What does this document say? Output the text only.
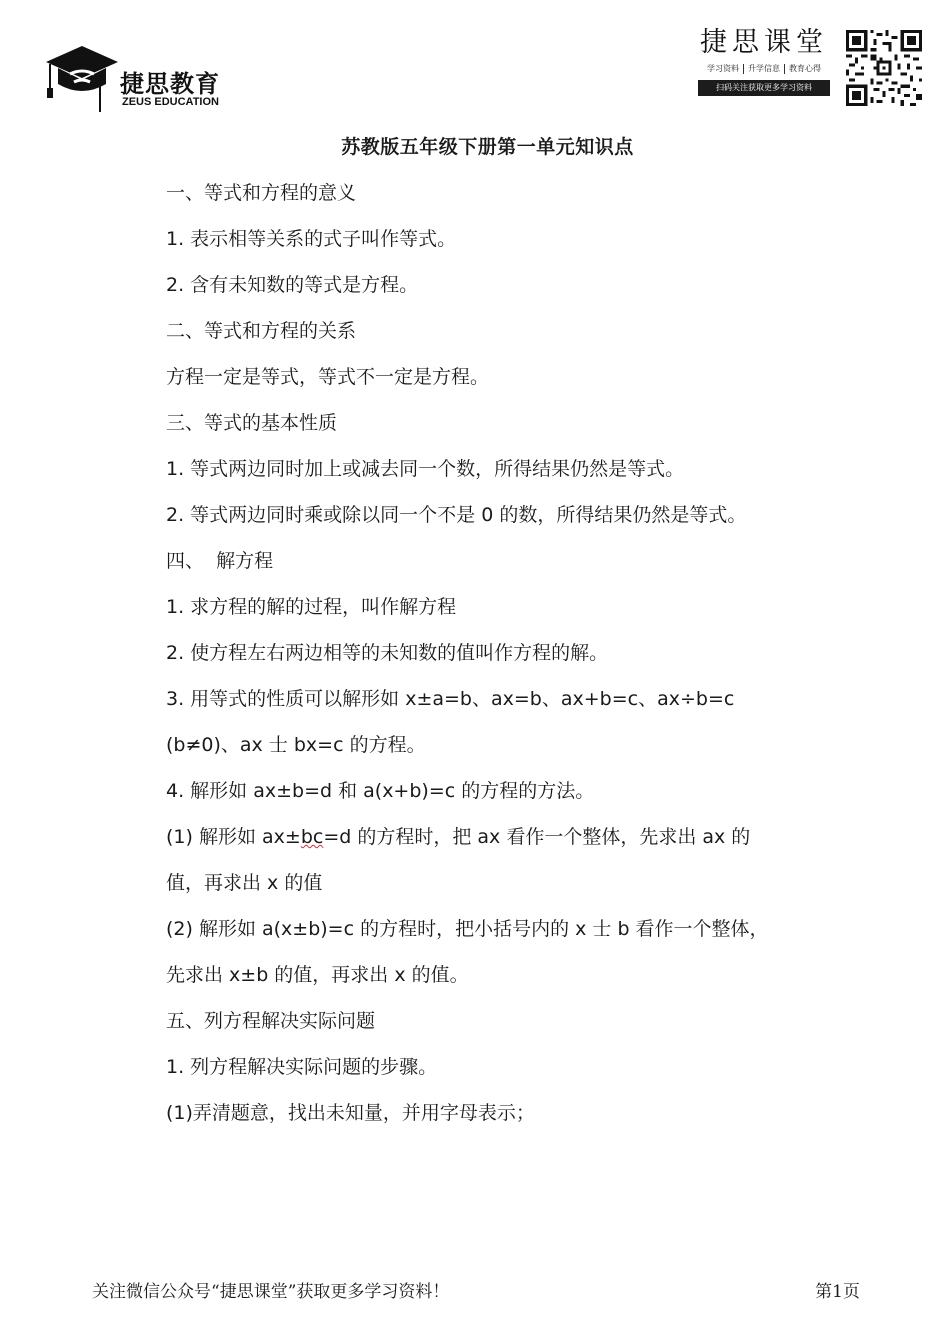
捷思教育
ZEUS EDUCATION
捷思课堂
学习资料	升学信息	教育心得
扫码关注获取更多学习资料
苏教版五年级下册第一单元知识点
一、等式和方程的意义
1. 表示相等关系的式子叫作等式。
2. 含有未知数的等式是方程。
二、等式和方程的关系
方程一定是等式，等式不一定是方程。
三、等式的基本性质
1. 等式两边同时加上或减去同一个数，所得结果仍然是等式。
2. 等式两边同时乘或除以同一个不是 0 的数，所得结果仍然是等式。
四、  解方程
1. 求方程的解的过程，叫作解方程
2. 使方程左右两边相等的未知数的值叫作方程的解。
3. 用等式的性质可以解形如 x±a=b、ax=b、ax+b=c、ax÷b=c
(b≠0)、ax 士 bx=c 的方程。
4. 解形如 ax±b=d 和 a(x+b)=c 的方程的方法。
(1) 解形如 ax±bc=d 的方程时，把 ax 看作一个整体，先求出 ax 的
值，再求出 x 的值
(2) 解形如 a(x±b)=c 的方程时，把小括号内的 x 士 b 看作一个整体，
先求出 x±b 的值，再求出 x 的值。
五、列方程解决实际问题
1. 列方程解决实际问题的步骤。
(1)弄清题意，找出未知量，并用字母表示；
关注微信公众号“捷思课堂”获取更多学习资料！	第1页
